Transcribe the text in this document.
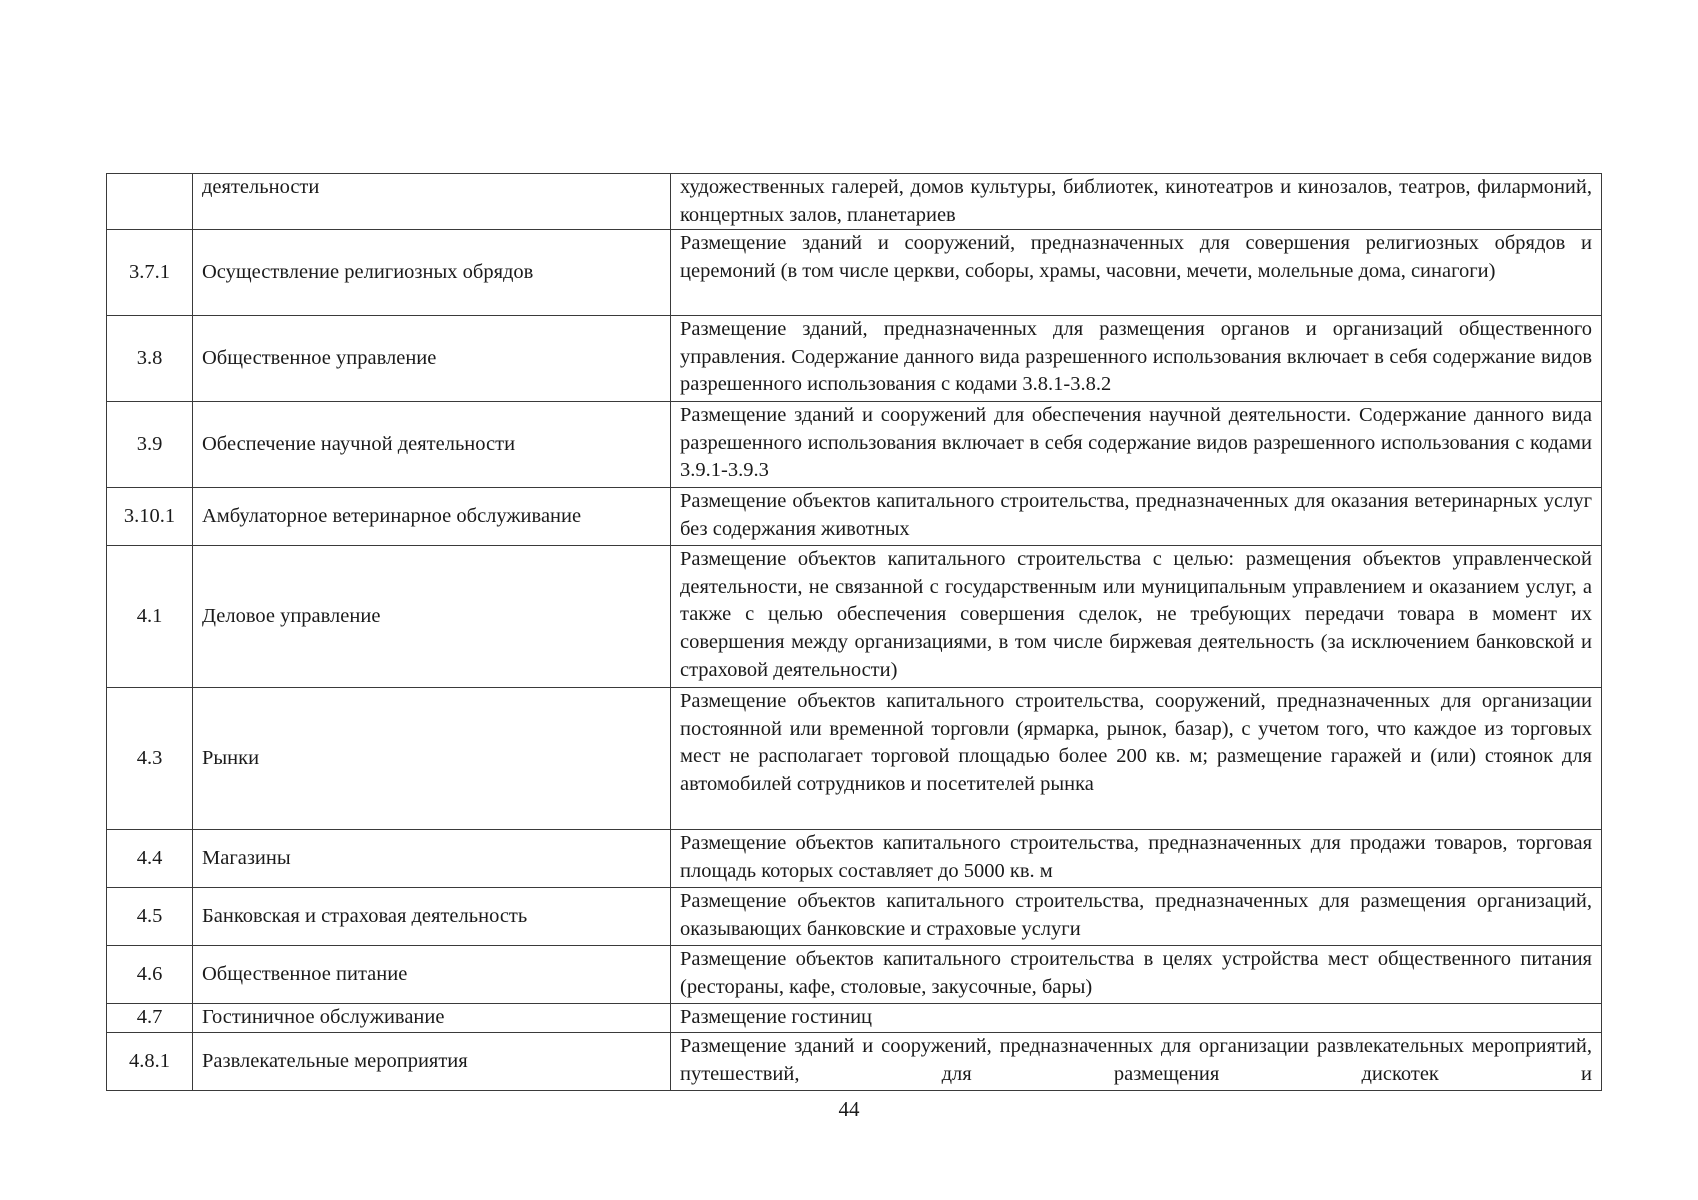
	деятельности	художественных галерей, домов культуры, библиотек, кинотеатров и кинозалов, театров, филармоний, концертных залов, планетариев
3.7.1	Осуществление религиозных обрядов	Размещение зданий и сооружений, предназначенных для совершения религиозных обрядов и церемоний (в том числе церкви, соборы, храмы, часовни, мечети, молельные дома, синагоги)
3.8	Общественное управление	Размещение зданий, предназначенных для размещения органов и организаций общественного управления. Содержание данного вида разрешенного использования включает в себя содержание видов разрешенного использования с кодами 3.8.1-3.8.2
3.9	Обеспечение научной деятельности	Размещение зданий и сооружений для обеспечения научной деятельности. Содержание данного вида разрешенного использования включает в себя содержание видов разрешенного использования с кодами 3.9.1-3.9.3
3.10.1	Амбулаторное ветеринарное обслуживание	Размещение объектов капитального строительства, предназначенных для оказания ветеринарных услуг без содержания животных
4.1	Деловое управление	Размещение объектов капитального строительства с целью: размещения объектов управленческой деятельности, не связанной с государственным или муниципальным управлением и оказанием услуг, а также с целью обеспечения совершения сделок, не требующих передачи товара в момент их совершения между организациями, в том числе биржевая деятельность (за исключением банковской и страховой деятельности)
4.3	Рынки	Размещение объектов капитального строительства, сооружений, предназначенных для организации постоянной или временной торговли (ярмарка, рынок, базар), с учетом того, что каждое из торговых мест не располагает торговой площадью более 200 кв. м; размещение гаражей и (или) стоянок для автомобилей сотрудников и посетителей рынка
4.4	Магазины	Размещение объектов капитального строительства, предназначенных для продажи товаров, торговая площадь которых составляет до 5000 кв. м
4.5	Банковская и страховая деятельность	Размещение объектов капитального строительства, предназначенных для размещения организаций, оказывающих банковские и страховые услуги
4.6	Общественное питание	Размещение объектов капитального строительства в целях устройства мест общественного питания (рестораны, кафе, столовые, закусочные, бары)
4.7	Гостиничное обслуживание	Размещение гостиниц
4.8.1	Развлекательные мероприятия	Размещение зданий и сооружений, предназначенных для организации развлекательных мероприятий, путешествий, для размещения дискотек и
44
